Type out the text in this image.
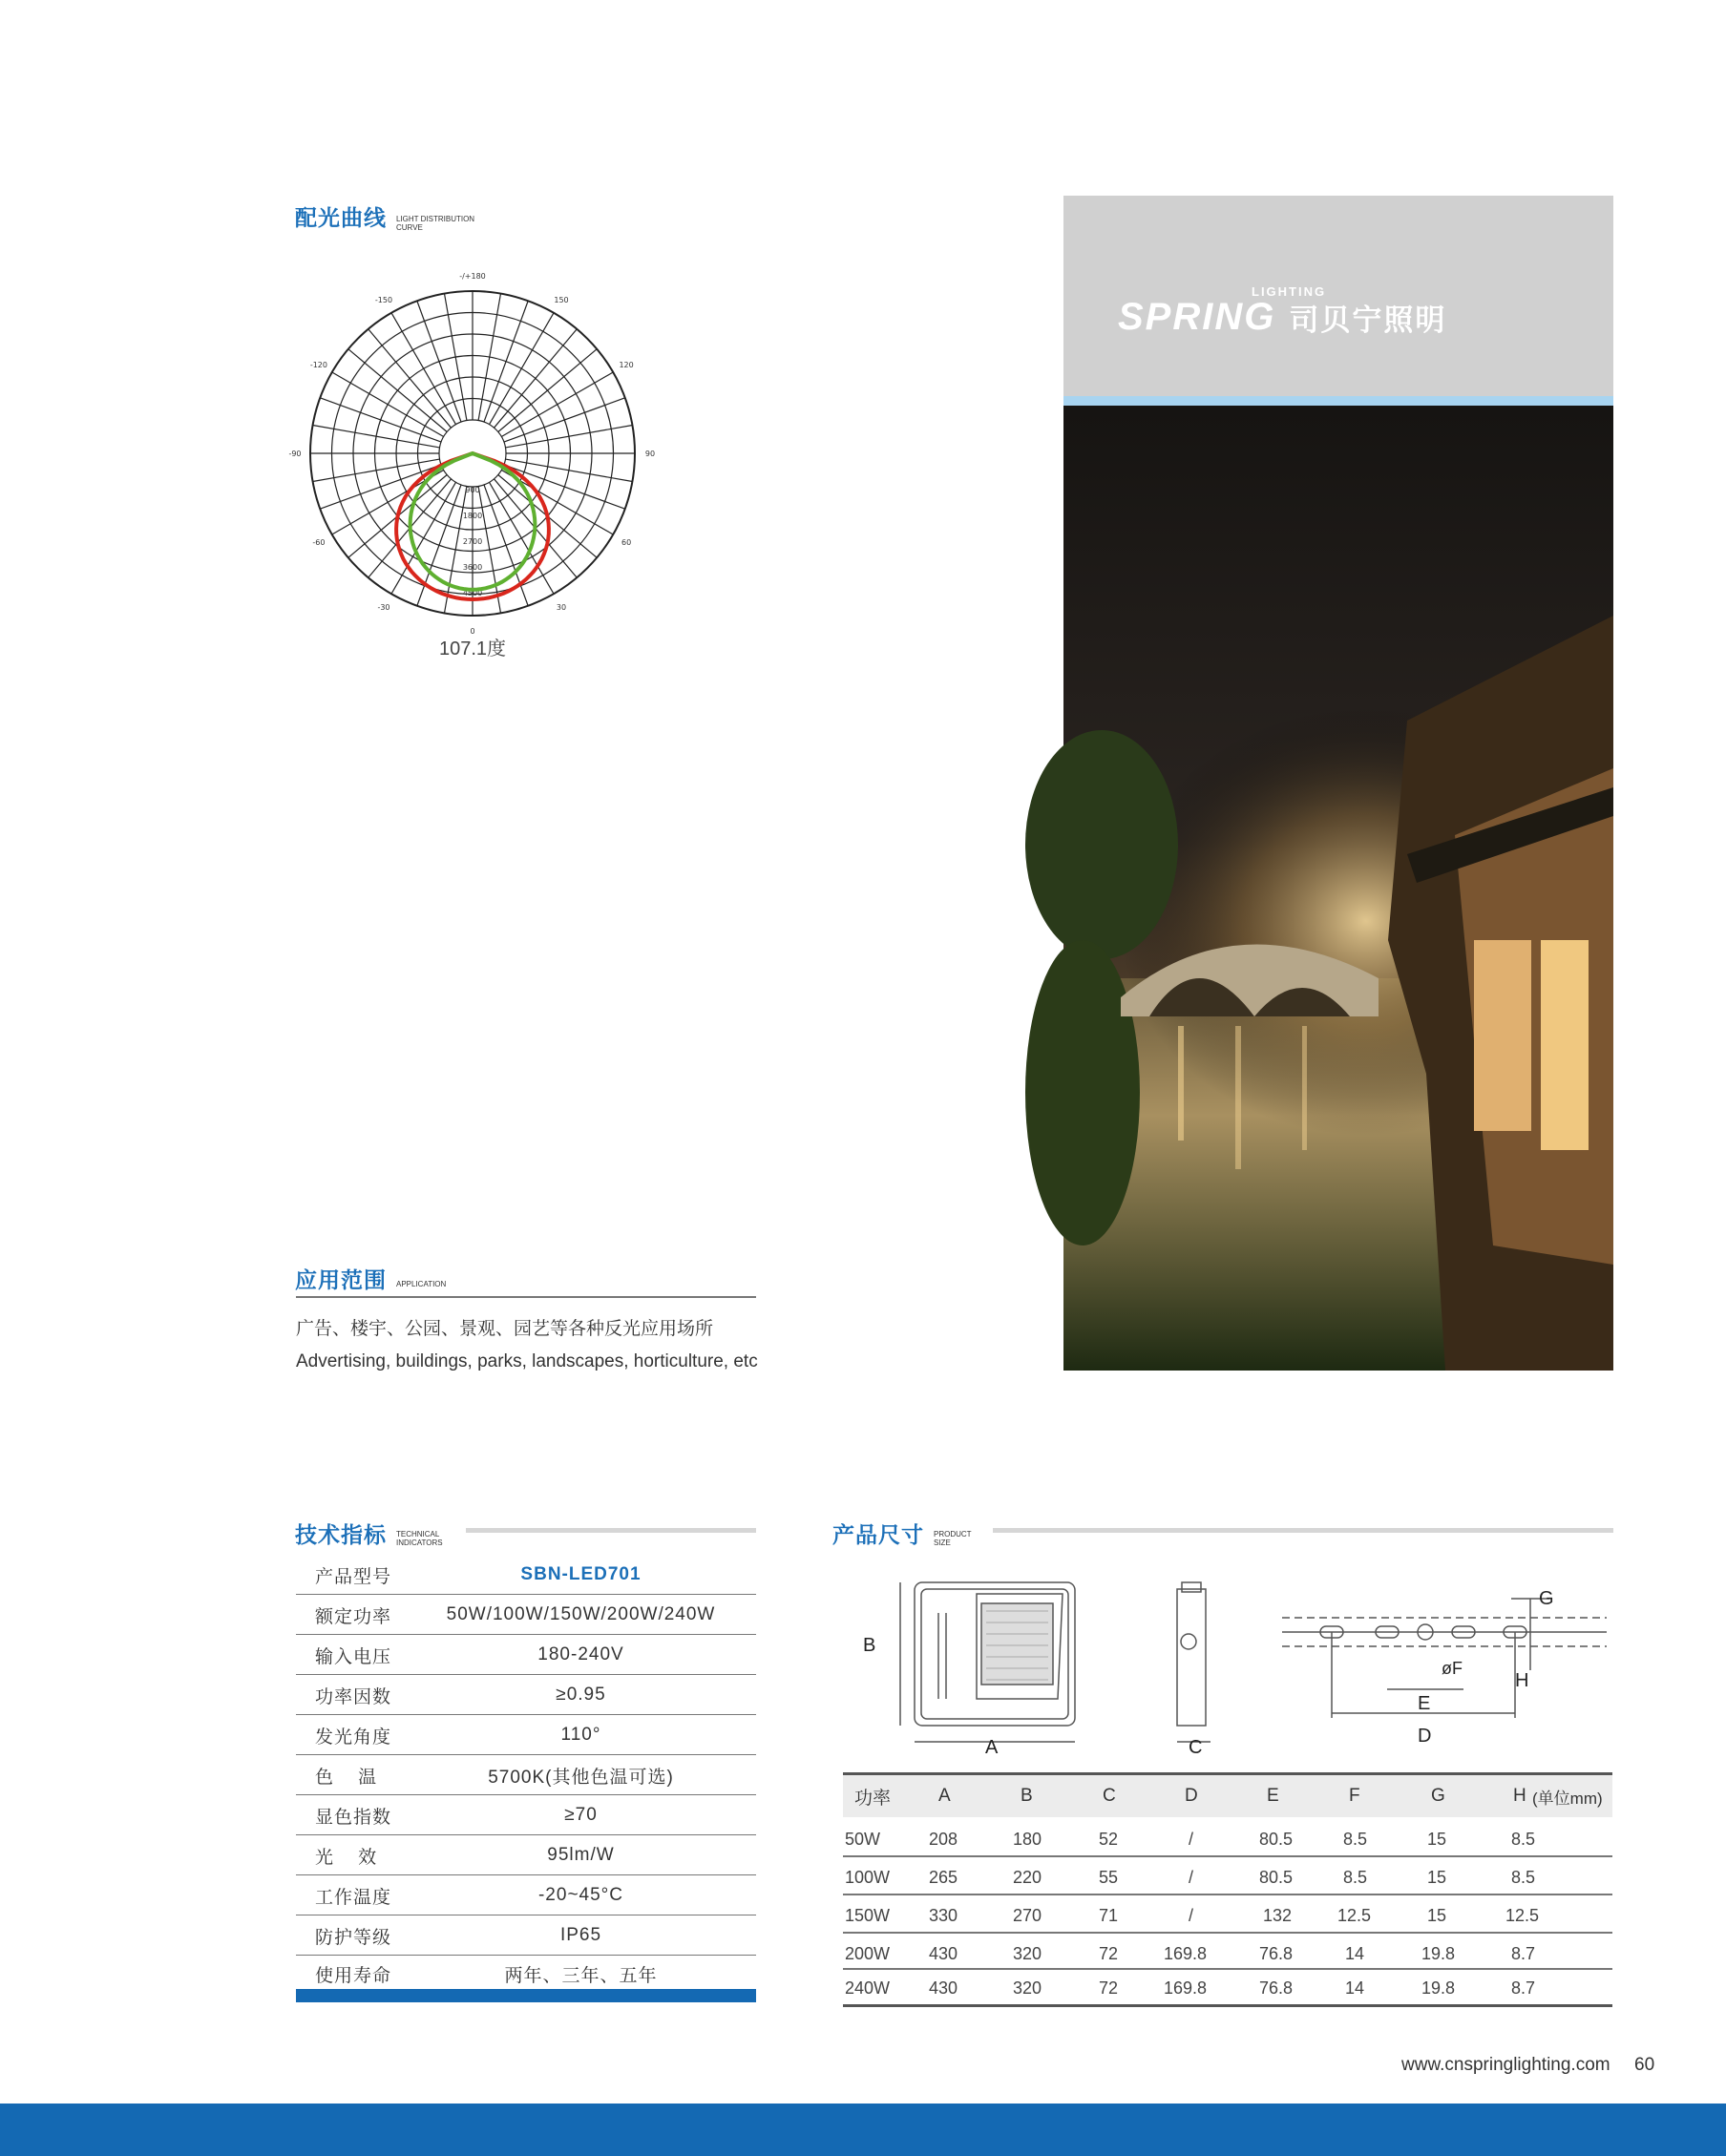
配光曲线 LIGHT DISTRIBUTION CURVE
-/+180
-150	150
-120	120
-90	90
-60	60
-30	30
0
900
1800
2700
3600
4500
107.1度
LIGHTING
SPRING 司贝宁照明
应用范围 APPLICATION
广告、楼宇、公园、景观、园艺等各种反光应用场所
Advertising, buildings, parks, landscapes, horticulture, etc
技术指标 TECHNICAL INDICATORS
产品型号	SBN-LED701
额定功率	50W/100W/150W/200W/240W
输入电压	180-240V
功率因数	≥0.95
发光角度	110°
色    温	5700K(其他色温可选)
显色指数	≥70
光    效	95lm/W
工作温度	-20~45°C
防护等级	IP65
使用寿命	两年、三年、五年
产品尺寸 PRODUCT SIZE
B
A	C
D
E
øF
G
H
功率	A	B	C	D	E	F	G	H (单位mm)
50W	208	180	52	/	80.5	8.5	15	8.5
100W 265	220	55	/	80.5	8.5	15	8.5
150W 330	270	71	/	132	12.5	15	12.5
200W 430	320	72	169.8	76.8	14	19.8	8.7
240W 430	320	72	169.8	76.8	14	19.8	8.7
www.cnspringlighting.com 60
